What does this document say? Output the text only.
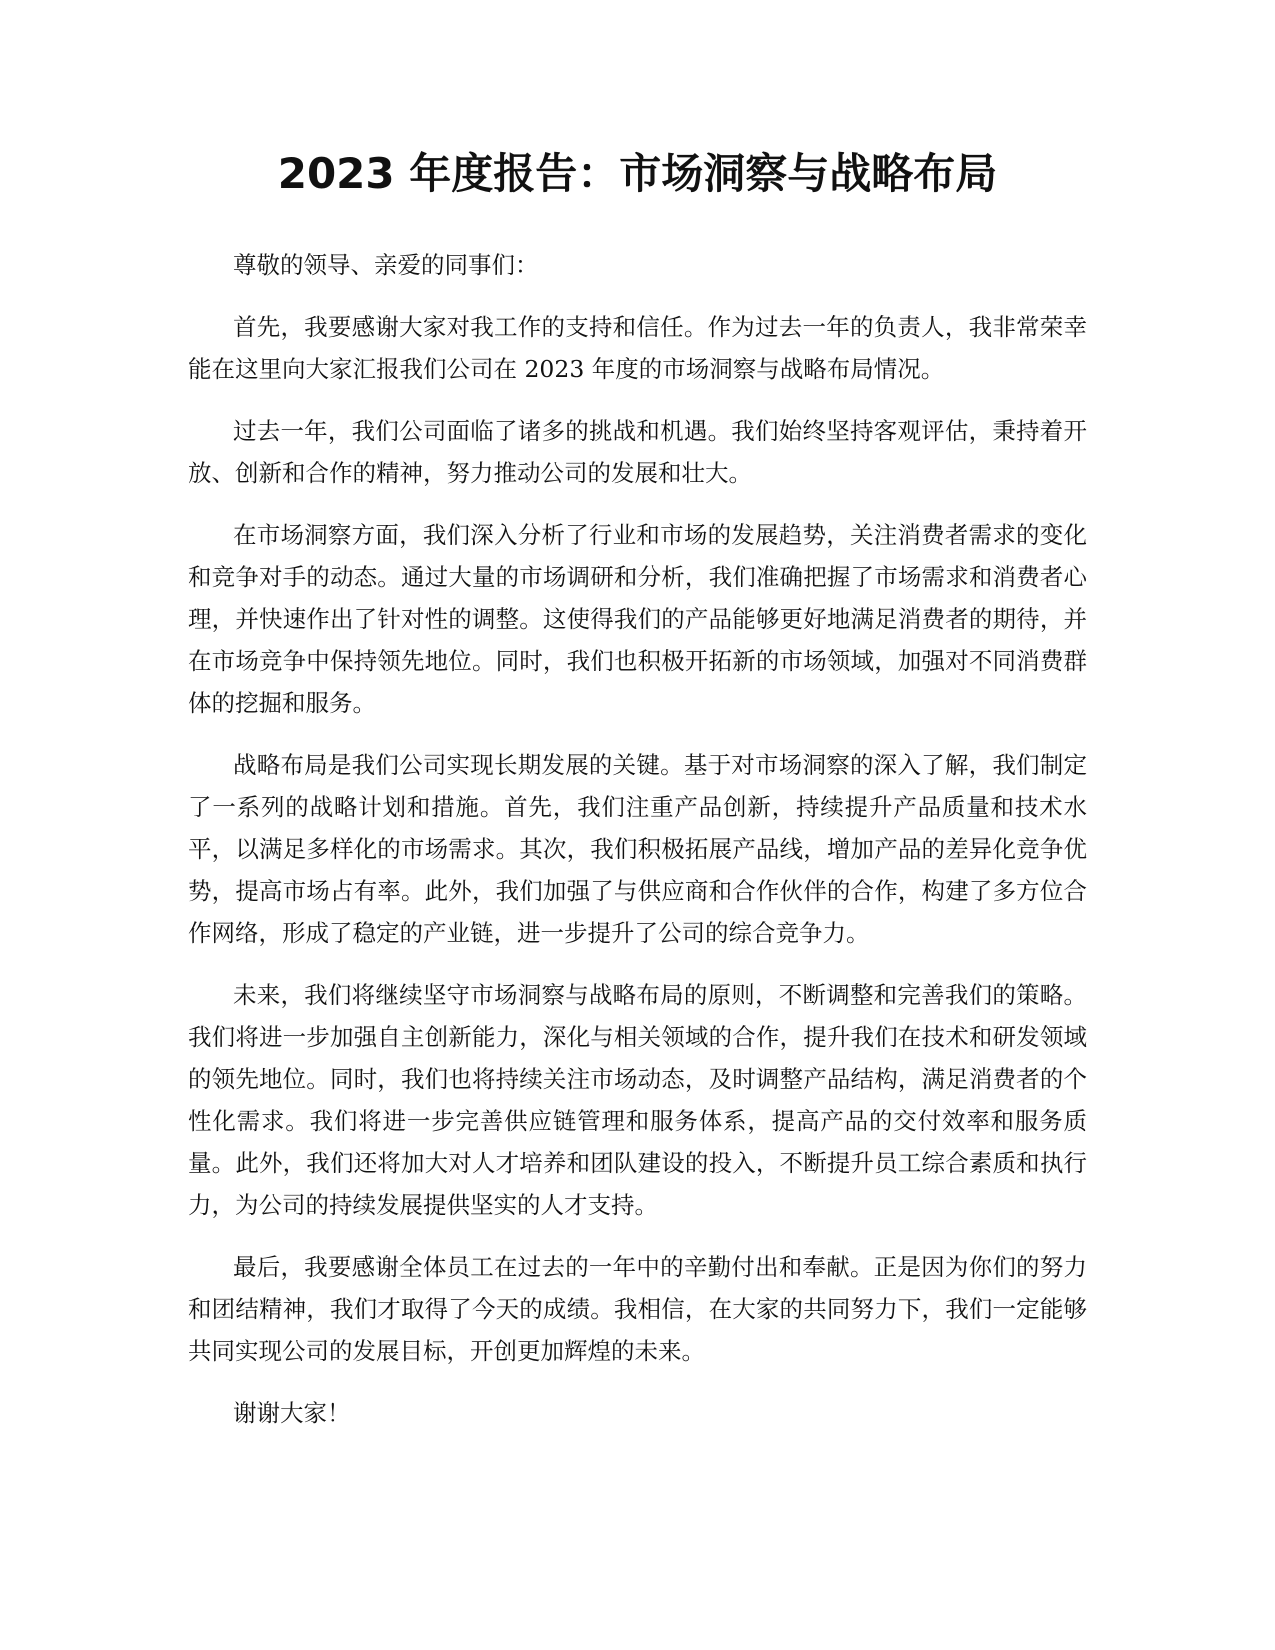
2023 年度报告：市场洞察与战略布局

尊敬的领导、亲爱的同事们：

首先，我要感谢大家对我工作的支持和信任。作为过去一年的负责人，我非常荣幸能在这里向大家汇报我们公司在 2023 年度的市场洞察与战略布局情况。

过去一年，我们公司面临了诸多的挑战和机遇。我们始终坚持客观评估，秉持着开放、创新和合作的精神，努力推动公司的发展和壮大。

在市场洞察方面，我们深入分析了行业和市场的发展趋势，关注消费者需求的变化和竞争对手的动态。通过大量的市场调研和分析，我们准确把握了市场需求和消费者心理，并快速作出了针对性的调整。这使得我们的产品能够更好地满足消费者的期待，并在市场竞争中保持领先地位。同时，我们也积极开拓新的市场领域，加强对不同消费群体的挖掘和服务。

战略布局是我们公司实现长期发展的关键。基于对市场洞察的深入了解，我们制定了一系列的战略计划和措施。首先，我们注重产品创新，持续提升产品质量和技术水平，以满足多样化的市场需求。其次，我们积极拓展产品线，增加产品的差异化竞争优势，提高市场占有率。此外，我们加强了与供应商和合作伙伴的合作，构建了多方位合作网络，形成了稳定的产业链，进一步提升了公司的综合竞争力。

未来，我们将继续坚守市场洞察与战略布局的原则，不断调整和完善我们的策略。我们将进一步加强自主创新能力，深化与相关领域的合作，提升我们在技术和研发领域的领先地位。同时，我们也将持续关注市场动态，及时调整产品结构，满足消费者的个性化需求。我们将进一步完善供应链管理和服务体系，提高产品的交付效率和服务质量。此外，我们还将加大对人才培养和团队建设的投入，不断提升员工综合素质和执行力，为公司的持续发展提供坚实的人才支持。

最后，我要感谢全体员工在过去的一年中的辛勤付出和奉献。正是因为你们的努力和团结精神，我们才取得了今天的成绩。我相信，在大家的共同努力下，我们一定能够共同实现公司的发展目标，开创更加辉煌的未来。

谢谢大家！
